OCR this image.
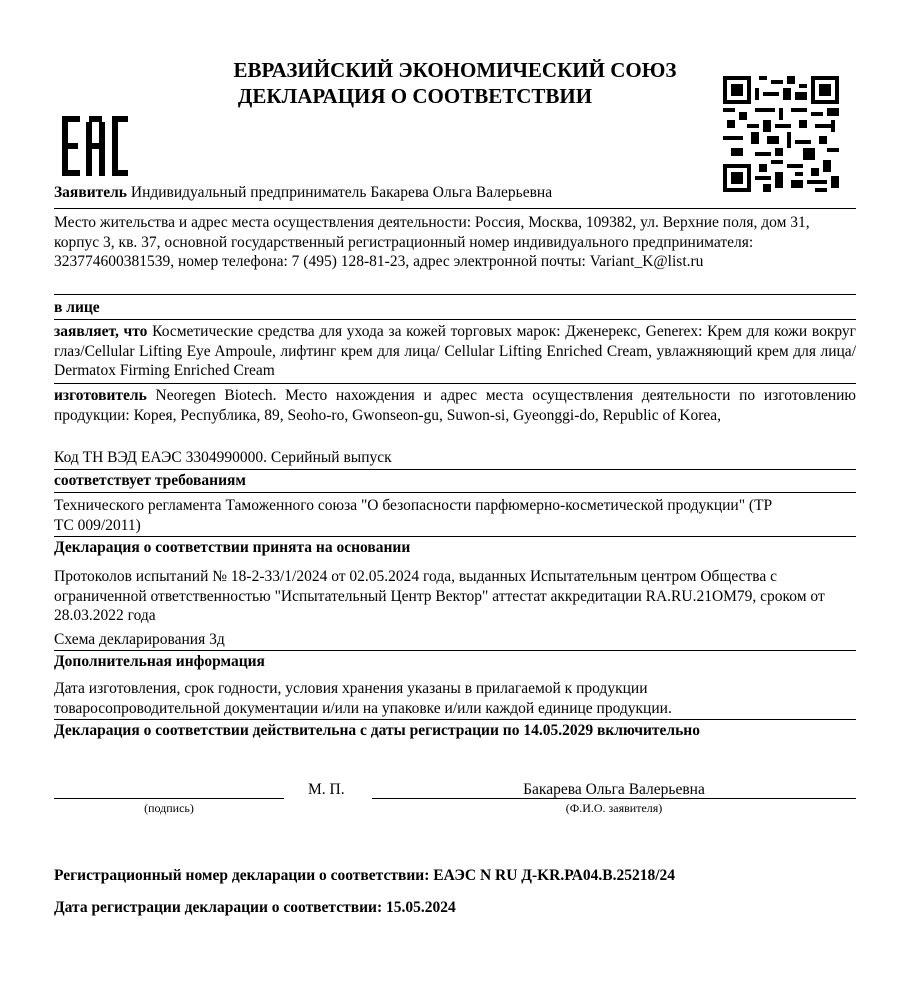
ЕВРАЗИЙСКИЙ ЭКОНОМИЧЕСКИЙ СОЮЗ
ДЕКЛАРАЦИЯ О СООТВЕТСТВИИ
Заявитель Индивидуальный предприниматель Бакарева Ольга Валерьевна
Место жительства и адрес места осуществления деятельности: Россия, Москва, 109382, ул. Верхние поля, дом 31, корпус 3, кв. 37, основной государственный регистрационный номер индивидуального предпринимателя: 323774600381539, номер телефона: 7 (495) 128-81-23, адрес электронной почты: Variant_K@list.ru
в лице
заявляет, что Косметические средства для ухода за кожей торговых марок: Дженерекс, Generex: Крем для кожи вокруг глаз/Cellular Lifting Eye Ampoule, лифтинг крем для лица/ Cellular Lifting Enriched Cream, увлажняющий крем для лица/ Dermatox Firming Enriched Cream
изготовитель Neoregen Biotech. Место нахождения и адрес места осуществления деятельности по изготовлению продукции: Корея, Республика, 89, Seoho-ro, Gwonseon-gu, Suwon-si, Gyeonggi-do, Republic of Korea,
Код ТН ВЭД ЕАЭС 3304990000. Серийный выпуск
соответствует требованиям
Технического регламента Таможенного союза "О безопасности парфюмерно-косметической продукции" (ТР ТС 009/2011)
Декларация о соответствии принята на основании
Протоколов испытаний № 18-2-33/1/2024 от 02.05.2024 года, выданных Испытательным центром Общества с ограниченной ответственностью "Испытательный Центр Вектор" аттестат аккредитации RA.RU.21OM79, сроком от 28.03.2022 года
Схема декларирования 3д
Дополнительная информация
Дата изготовления, срок годности, условия хранения указаны в прилагаемой к продукции товаросопроводительной документации и/или на упаковке и/или каждой единице продукции.
Декларация о соответствии действительна с даты регистрации по 14.05.2029 включительно
(подпись)
М. П.	Бакарева Ольга Валерьевна
(Ф.И.О. заявителя)
Регистрационный номер декларации о соответствии: ЕАЭС N RU Д-KR.РА04.В.25218/24
Дата регистрации декларации о соответствии: 15.05.2024
